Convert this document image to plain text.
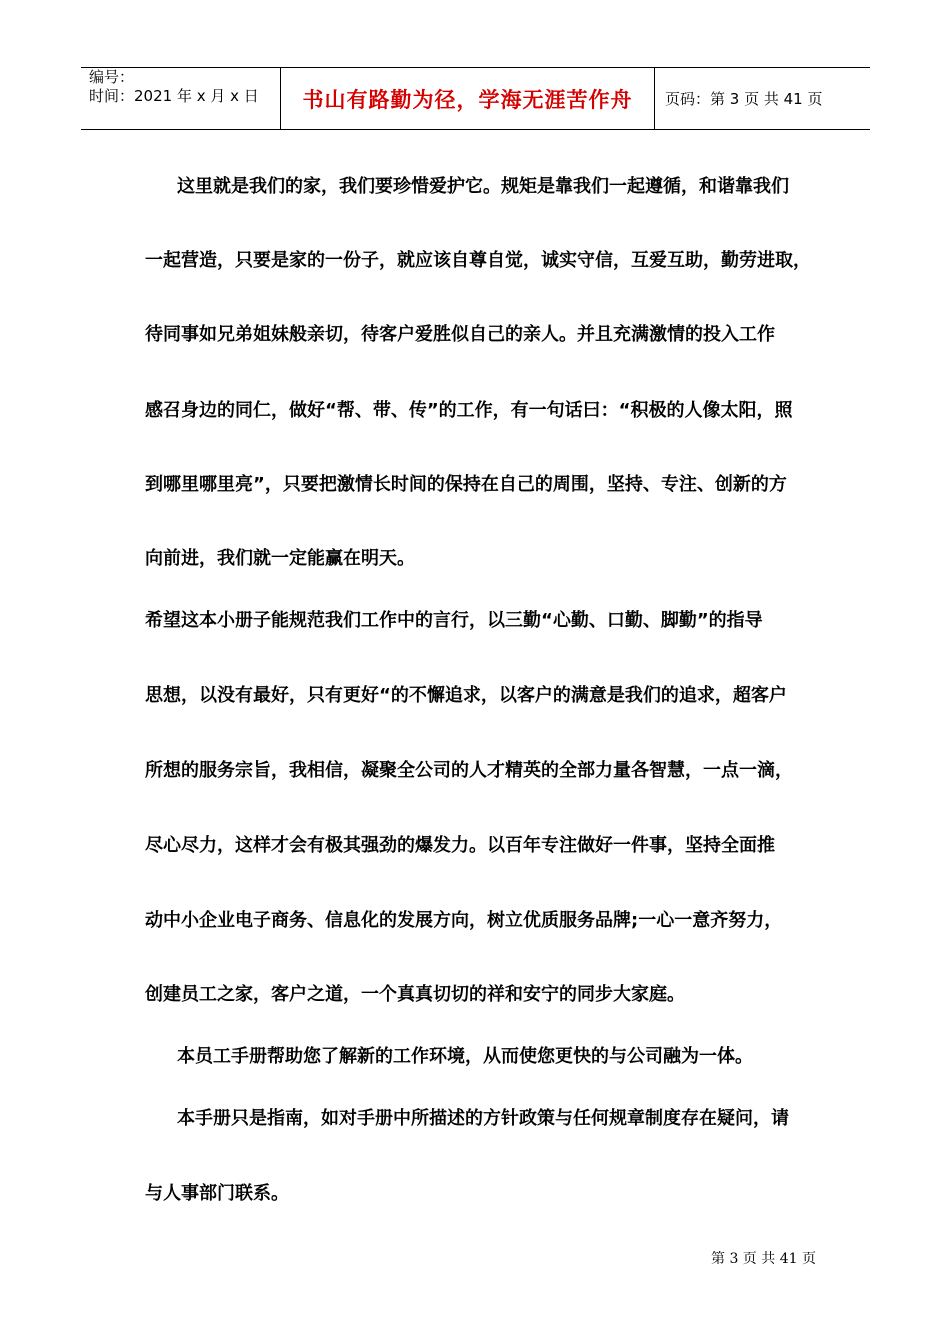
编号：
时间：2021 年 x 月 x 日	书山有路勤为径，学海无涯苦作舟	页码：第 3 页 共 41 页
这里就是我们的家，我们要珍惜爱护它。规矩是靠我们一起遵循，和谐靠我们
一起营造，只要是家的一份子，就应该自尊自觉，诚实守信，互爱互助，勤劳进取，
待同事如兄弟姐妹般亲切，待客户爱胜似自己的亲人。并且充满激情的投入工作
感召身边的同仁，做好“帮、带、传”的工作，有一句话曰：“积极的人像太阳，照
到哪里哪里亮”，只要把激情长时间的保持在自己的周围，坚持、专注、创新的方
向前进，我们就一定能赢在明天。
希望这本小册子能规范我们工作中的言行，以三勤“心勤、口勤、脚勤”的指导
思想，以没有最好，只有更好“的不懈追求，以客户的满意是我们的追求，超客户
所想的服务宗旨，我相信，凝聚全公司的人才精英的全部力量各智慧，一点一滴，
尽心尽力，这样才会有极其强劲的爆发力。以百年专注做好一件事，坚持全面推
动中小企业电子商务、信息化的发展方向，树立优质服务品牌;一心一意齐努力，
创建员工之家，客户之道，一个真真切切的祥和安宁的同步大家庭。
本员工手册帮助您了解新的工作环境，从而使您更快的与公司融为一体。
本手册只是指南，如对手册中所描述的方针政策与任何规章制度存在疑问，请
与人事部门联系。
第 3 页 共 41 页
